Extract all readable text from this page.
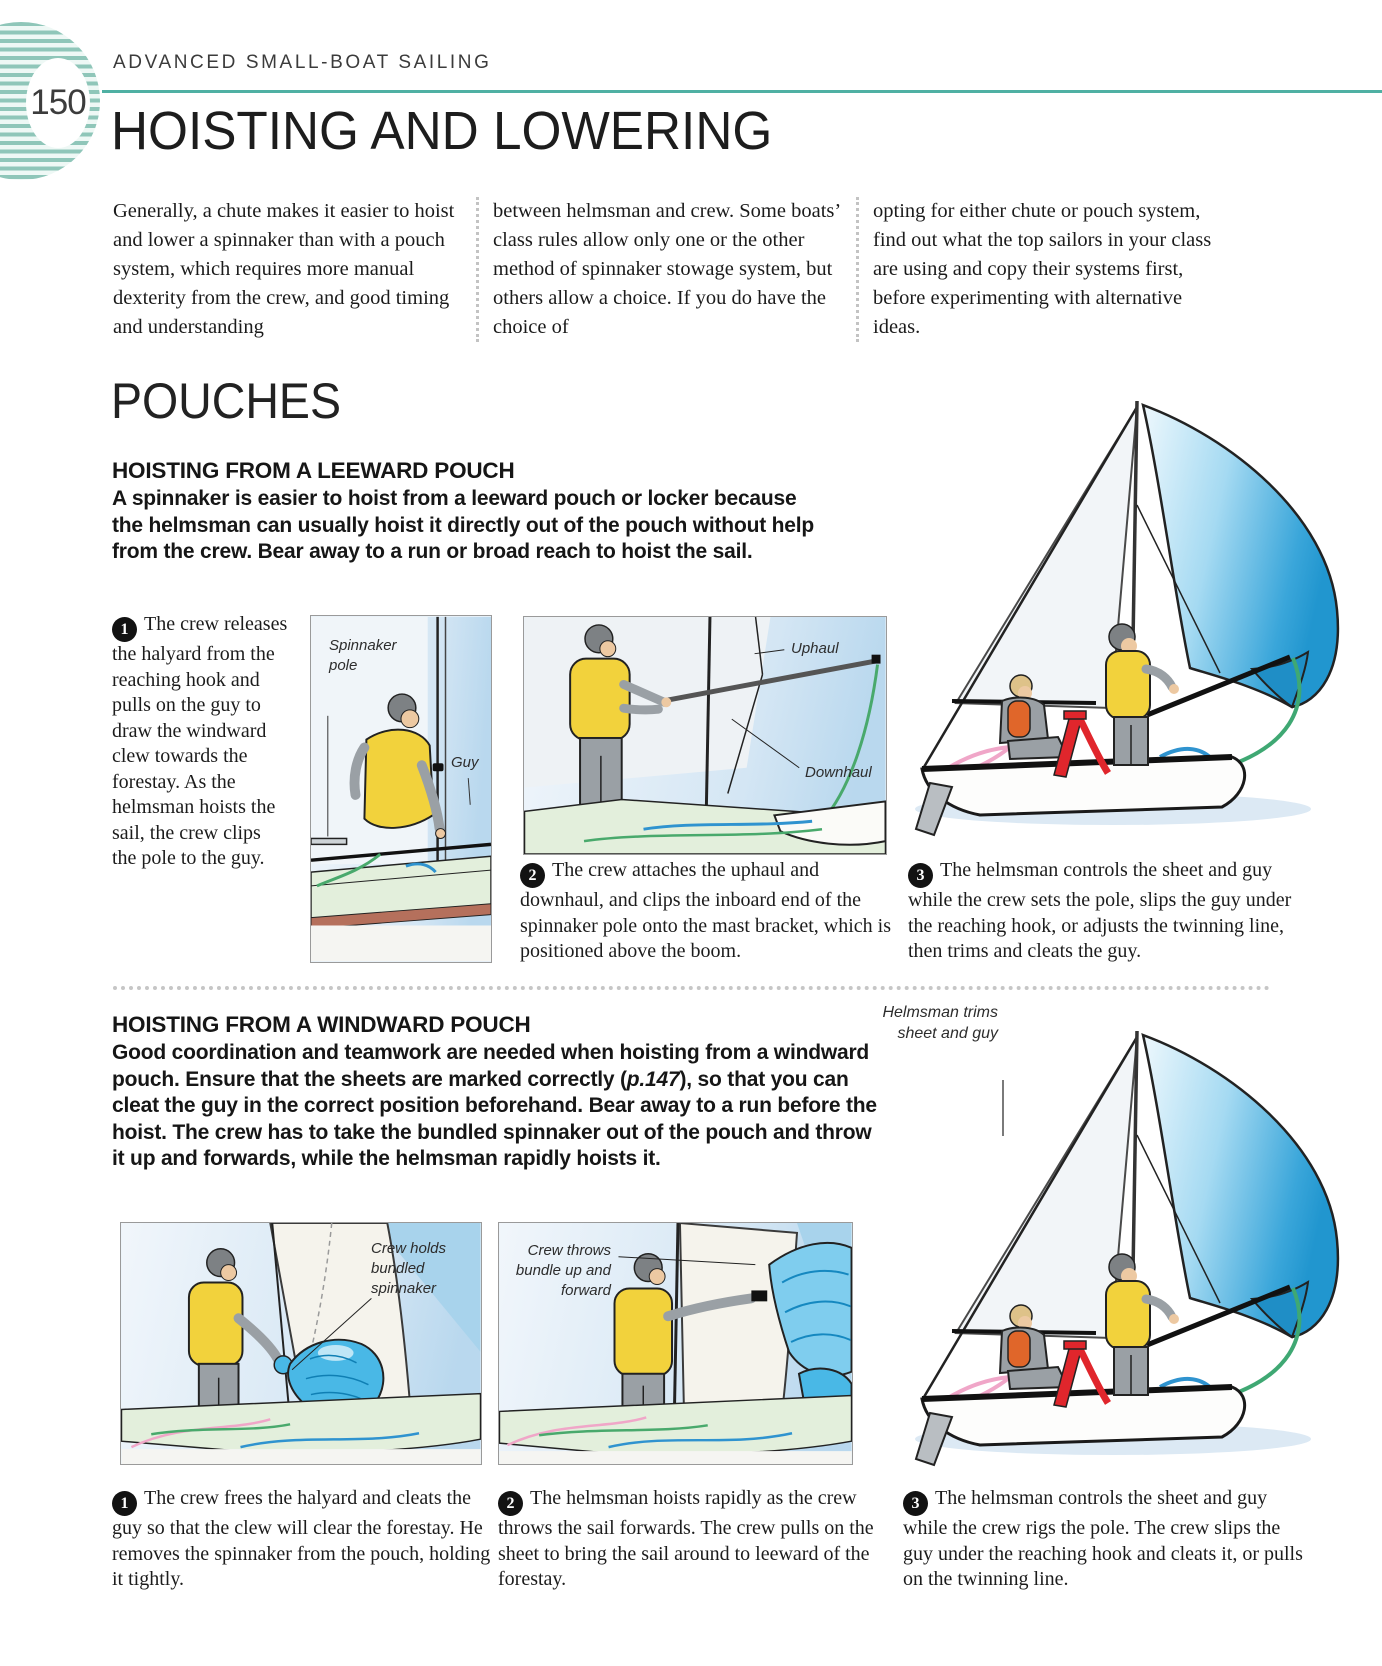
150
ADVANCED SMALL-BOAT SAILING
HOISTING AND LOWERING
Generally, a chute makes it easier to hoist and lower a spinnaker than with a pouch system, which requires more manual dexterity from the crew, and good timing and understanding
between helmsman and crew. Some boats’ class rules allow only one or the other method of spinnaker stowage system, but others allow a choice. If you do have the choice of
opting for either chute or pouch system, find out what the top sailors in your class are using and copy their systems first, before experimenting with alternative ideas.
POUCHES
HOISTING FROM A LEEWARD POUCH

A spinnaker is easier to hoist from a leeward pouch or locker because the helmsman can usually hoist it directly out of the pouch without help from the crew. Bear away to a run or broad reach to hoist the sail.

1 The crew releases the halyard from the reaching hook and pulls on the guy to draw the windward clew towards the forestay. As the helmsman hoists the sail, the crew clips the pole to the guy.
Spinnaker pole
Guy
Uphaul
Downhaul
2 The crew attaches the uphaul and downhaul, and clips the inboard end of the spinnaker pole onto the mast bracket, which is positioned above the boom.
3 The helmsman controls the sheet and guy while the crew sets the pole, slips the guy under the reaching hook, or adjusts the twinning line, then trims and cleats the guy.
HOISTING FROM A WINDWARD POUCH

Good coordination and teamwork are needed when hoisting from a windward pouch. Ensure that the sheets are marked correctly (p.147), so that you can cleat the guy in the correct position beforehand. Bear away to a run before the hoist. The crew has to take the bundled spinnaker out of the pouch and throw it up and forwards, while the helmsman rapidly hoists it.

Helmsman trims sheet and guy
Crew holds bundled spinnaker
Crew throws bundle up and forward
1 The crew frees the halyard and cleats the guy so that the clew will clear the forestay. He removes the spinnaker from the pouch, holding it tightly.
2 The helmsman hoists rapidly as the crew throws the sail forwards. The crew pulls on the sheet to bring the sail around to leeward of the forestay.
3 The helmsman controls the sheet and guy while the crew rigs the pole. The crew slips the guy under the reaching hook and cleats it, or pulls on the twinning line.
